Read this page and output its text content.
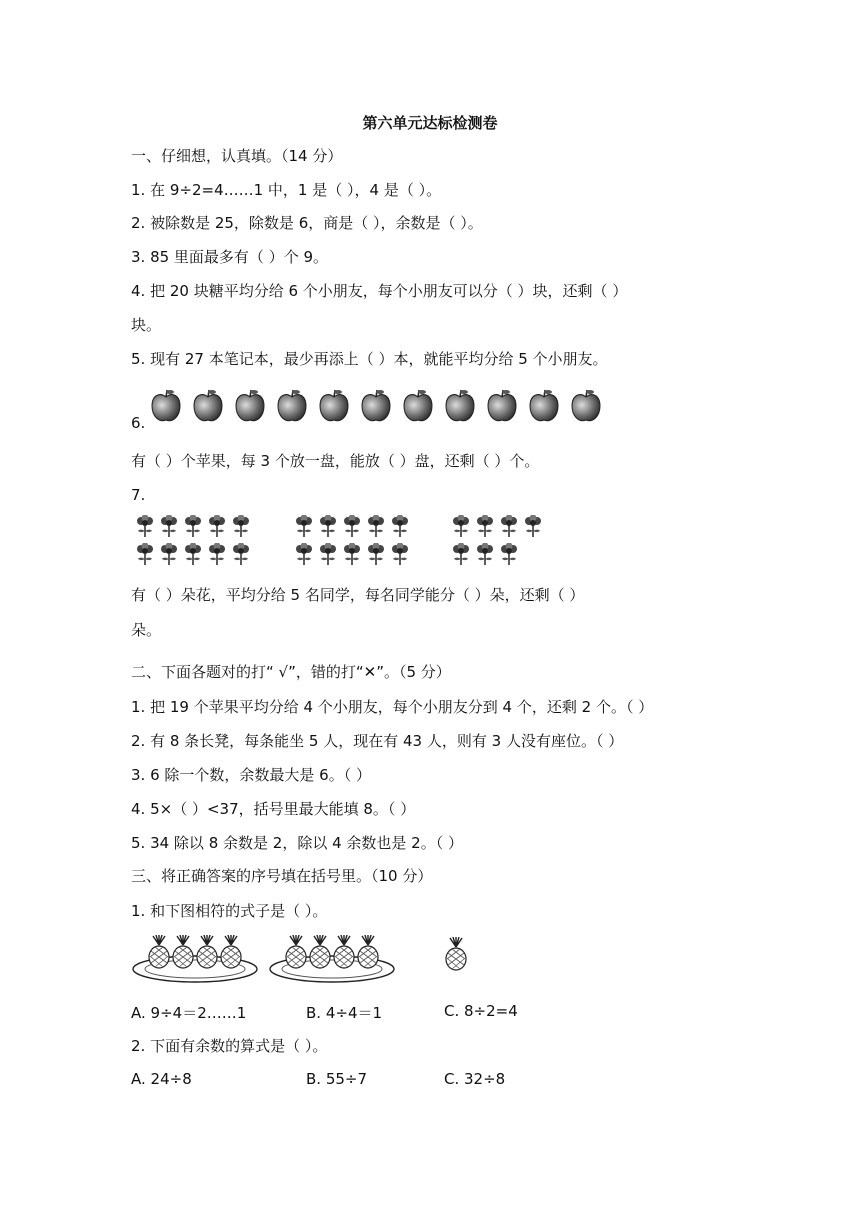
第六单元达标检测卷
一、仔细想，认真填。（14 分）
1. 在 9÷2=4……1 中，1 是（ ），4 是（ ）。
2. 被除数是 25，除数是 6，商是（ ），余数是（ ）。
3. 85 里面最多有（ ）个 9。
4. 把 20 块糖平均分给 6 个小朋友，每个小朋友可以分（ ）块，还剩（ ）
块。
5. 现有 27 本笔记本，最少再添上（ ）本，就能平均分给 5 个小朋友。
6.
有（ ）个苹果，每 3 个放一盘，能放（ ）盘，还剩（ ）个。
7.
有（ ）朵花，平均分给 5 名同学，每名同学能分（ ）朵，还剩（ ）
朵。
二、下面各题对的打“ √”，错的打“✕”。（5 分）
1. 把 19 个苹果平均分给 4 个小朋友，每个小朋友分到 4 个，还剩 2 个。（ ）
2. 有 8 条长凳，每条能坐 5 人，现在有 43 人，则有 3 人没有座位。（ ）
3. 6 除一个数，余数最大是 6。（ ）
4. 5×（ ）<37，括号里最大能填 8。（ ）
5. 34 除以 8 余数是 2，除以 4 余数也是 2。（ ）
三、将正确答案的序号填在括号里。（10 分）
1. 和下图相符的式子是（ ）。
A. 9÷4＝2……1	B. 4÷4＝1	C. 8÷2=4
2. 下面有余数的算式是（ ）。
A. 24÷8	B. 55÷7	C. 32÷8
